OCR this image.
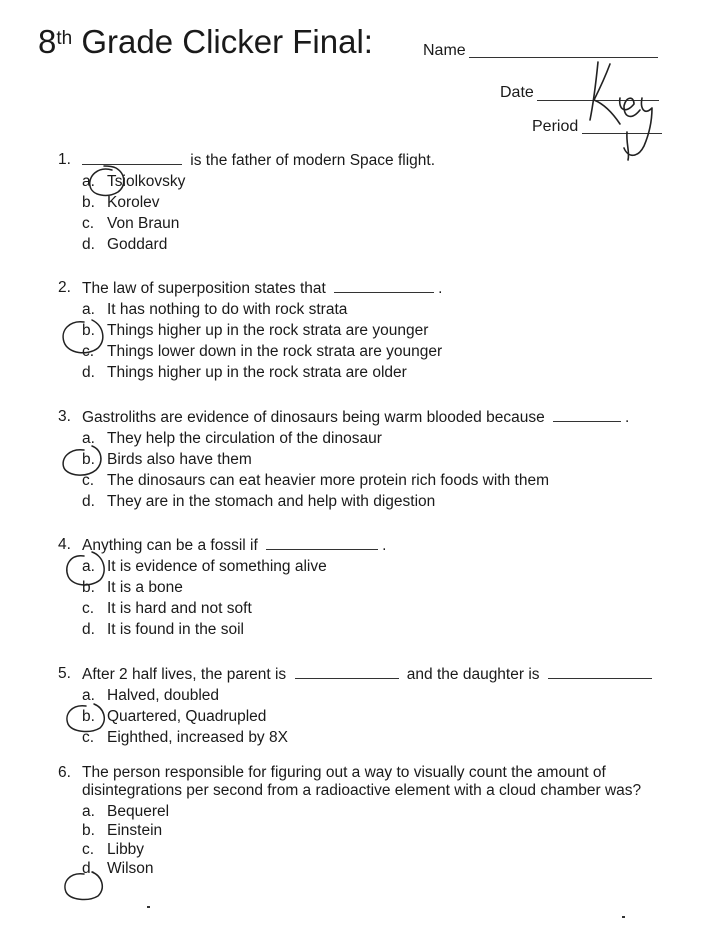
8th Grade Clicker Final:	Name
Date
Period
1.	is the father of modern Space flight.
a. Tsiolkovsky
b. Korolev
c. Von Braun
d. Goddard
2. The law of superposition states that	.
a. It has nothing to do with rock strata
b. Things higher up in the rock strata are younger
c. Things lower down in the rock strata are younger
d. Things higher up in the rock strata are older
3. Gastroliths are evidence of dinosaurs being warm blooded because	.
a. They help the circulation of the dinosaur
b. Birds also have them
c. The dinosaurs can eat heavier more protein rich foods with them
d. They are in the stomach and help with digestion
4. Anything can be a fossil if	.
a. It is evidence of something alive
b. It is a bone
c. It is hard and not soft
d. It is found in the soil
5. After 2 half lives, the parent is	and the daughter is
a. Halved, doubled
b. Quartered, Quadrupled
c. Eighthed, increased by 8X
6. The person responsible for figuring out a way to visually count the amount of disintegrations per second from a radioactive element with a cloud chamber was?
a. Bequerel
b. Einstein
c. Libby
d. Wilson
